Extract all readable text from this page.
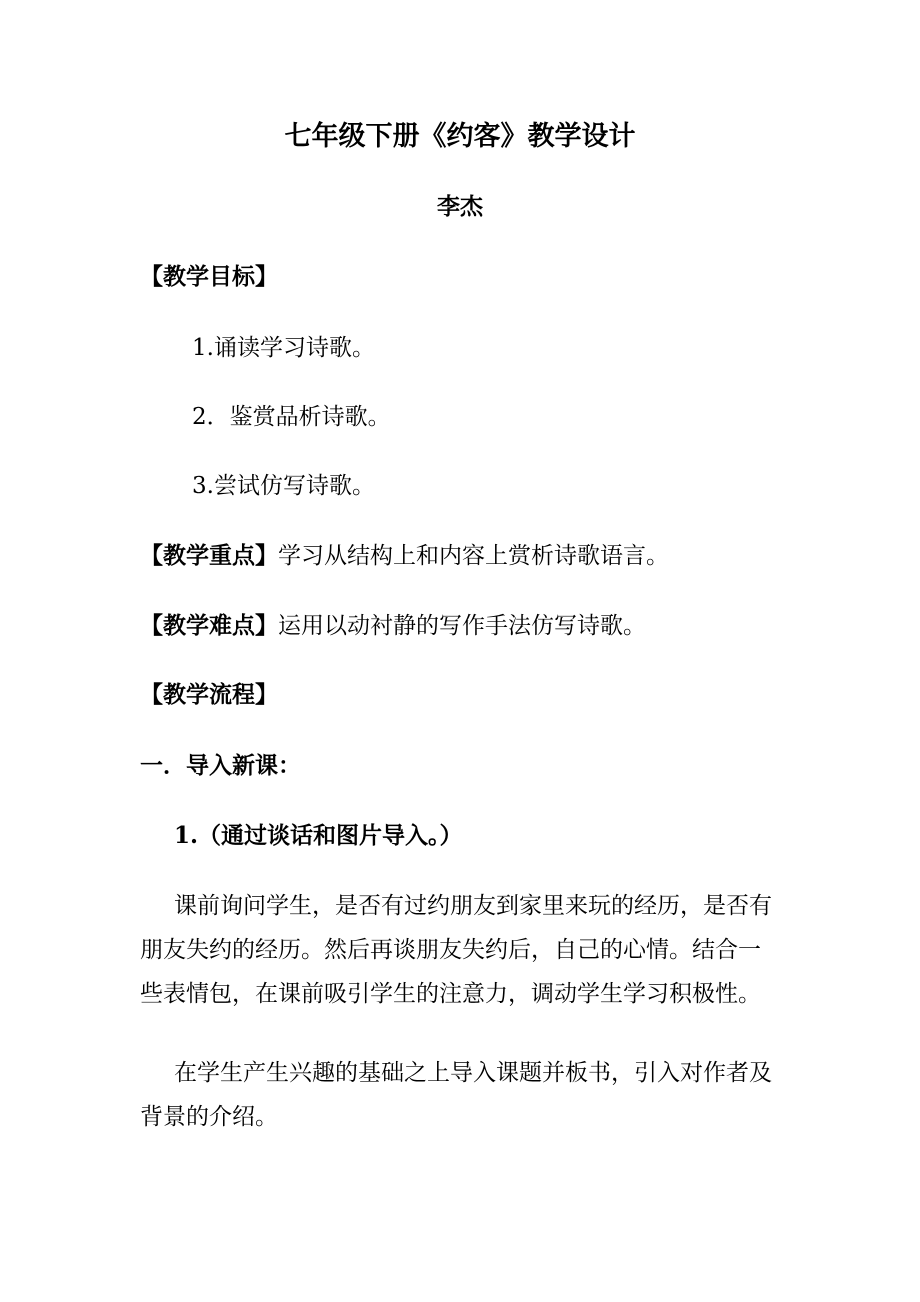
七年级下册《约客》教学设计
李杰
【教学目标】
1.诵读学习诗歌。
2．鉴赏品析诗歌。
3.尝试仿写诗歌。
【教学重点】学习从结构上和内容上赏析诗歌语言。
【教学难点】运用以动衬静的写作手法仿写诗歌。
【教学流程】
一．导入新课：
1.（通过谈话和图片导入。）
课前询问学生，是否有过约朋友到家里来玩的经历，是否有朋友失约的经历。然后再谈朋友失约后，自己的心情。结合一些表情包，在课前吸引学生的注意力，调动学生学习积极性。
在学生产生兴趣的基础之上导入课题并板书，引入对作者及背景的介绍。
